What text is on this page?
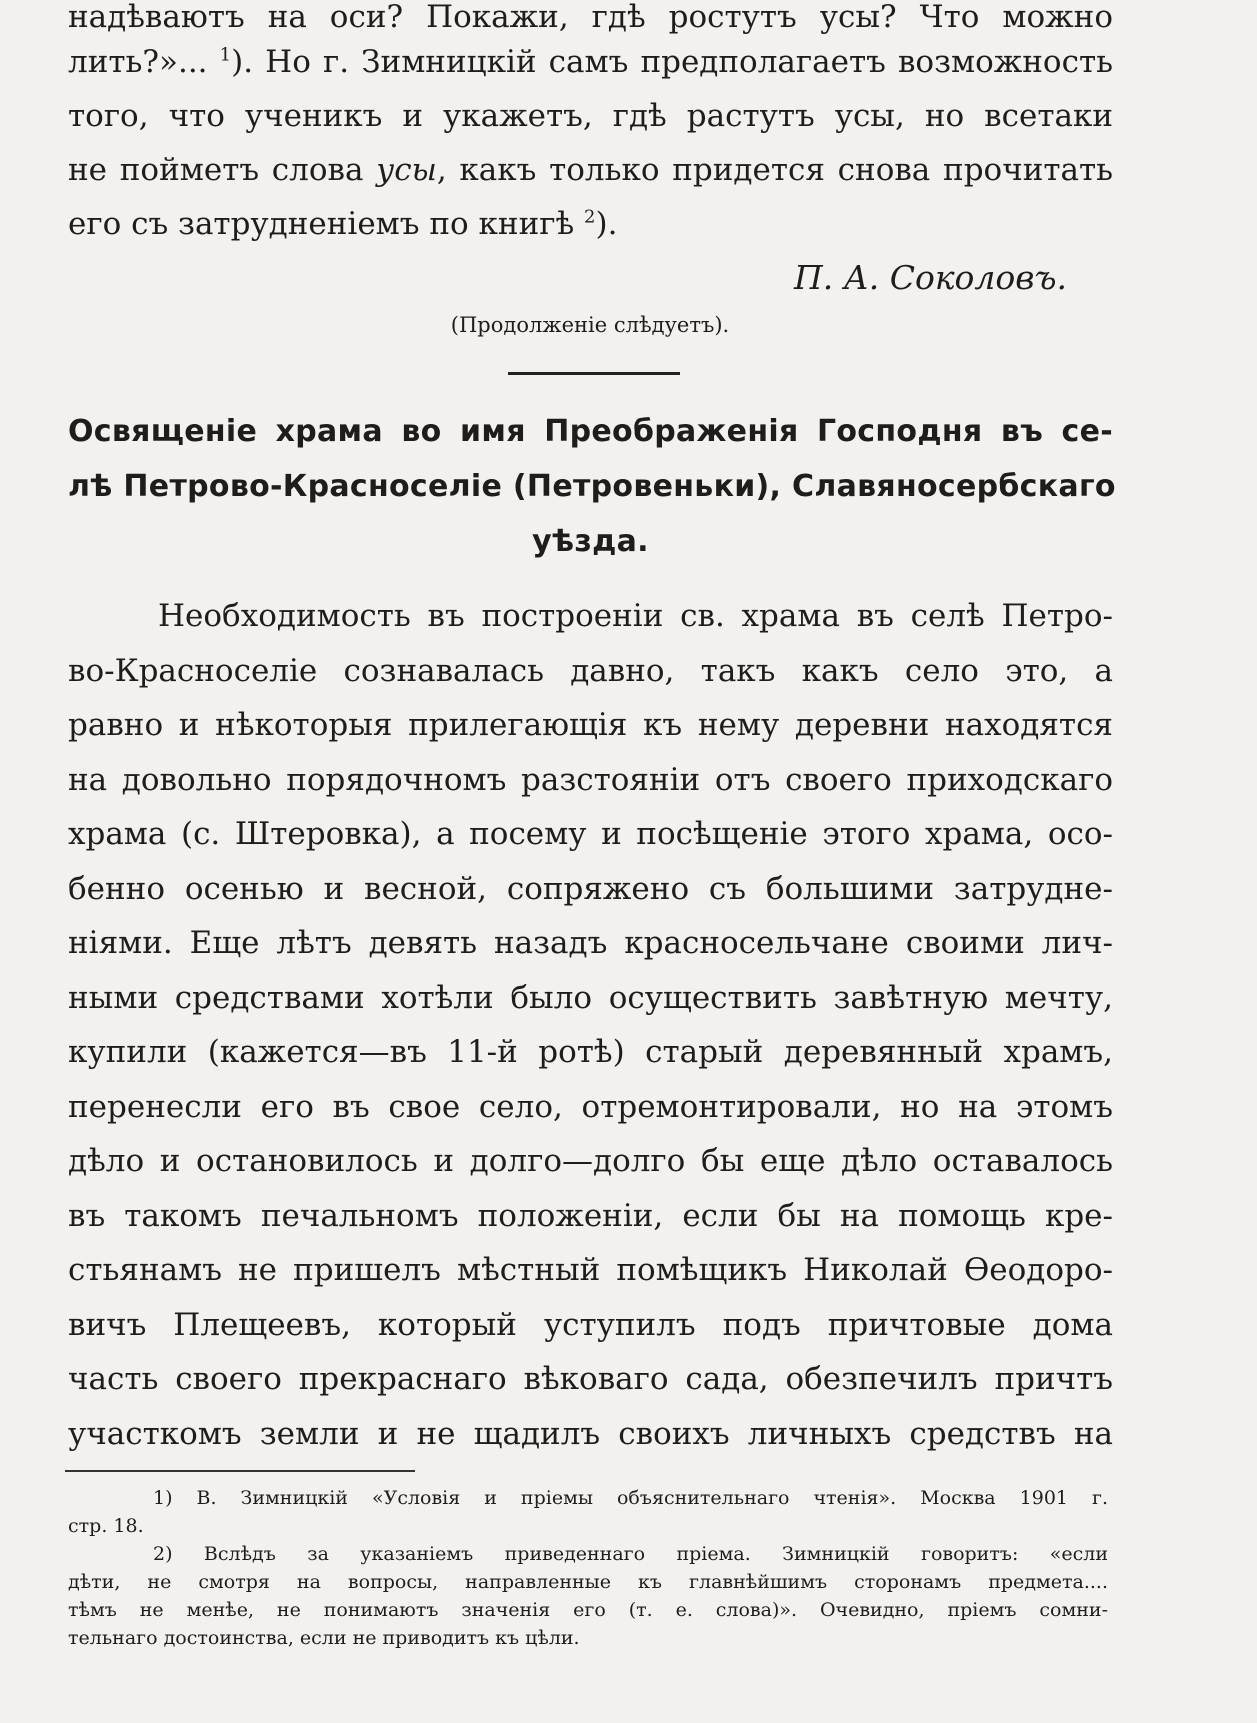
надѣваютъ на оси? Покажи, гдѣ ростутъ усы? Что можно
лить?»... $^1$). Но г. Зимницкій самъ предполагаетъ возможность
того, что ученикъ и укажетъ, гдѣ растутъ усы, но всетаки
не пойметъ слова усы, какъ только придется снова прочитать
его съ затрудненіемъ по книгѣ $^2$).
П. А. Соколовъ.
(Продолженіе слѣдуетъ).
Освященіе храма во имя Преображенія Господня въ се-
лѣ Петрово-Красноселіе (Петровеньки), Славяносербскаго
уѣзда.
Необходимость въ построеніи св. храма въ селѣ Петро-
во-Красноселіе сознавалась давно, такъ какъ село это, а
равно и нѣкоторыя прилегающія къ нему деревни находятся
на довольно порядочномъ разстояніи отъ своего приходскаго
храма (с. Штеровка), а посему и посѣщеніе этого храма, осо-
бенно осенью и весной, сопряжено съ большими затрудне-
ніями. Еще лѣтъ девять назадъ красносельчане своими лич-
ными средствами хотѣли было осуществить завѣтную мечту,
купили (кажется—въ 11-й ротѣ) старый деревянный храмъ,
перенесли его въ свое село, отремонтировали, но на этомъ
дѣло и остановилось и долго—долго бы еще дѣло оставалось
въ такомъ печальномъ положеніи, если бы на помощь кре-
стьянамъ не пришелъ мѣстный помѣщикъ Николай Ѳеодоро-
вичъ Плещеевъ, который уступилъ подъ причтовые дома
часть своего прекраснаго вѣковаго сада, обезпечилъ причтъ
участкомъ земли и не щадилъ своихъ личныхъ средствъ на
1) В. Зимницкій «Условія и пріемы объяснительнаго чтенія». Москва 1901 г.
стр. 18.
2) Вслѣдъ за указаніемъ приведеннаго пріема. Зимницкій говоритъ: «если
дѣти, не смотря на вопросы, направленные къ главнѣйшимъ сторонамъ предмета....
тѣмъ не менѣе, не понимаютъ значенія его (т. е. слова)». Очевидно, пріемъ сомни-
тельнаго достоинства, если не приводитъ къ цѣли.
